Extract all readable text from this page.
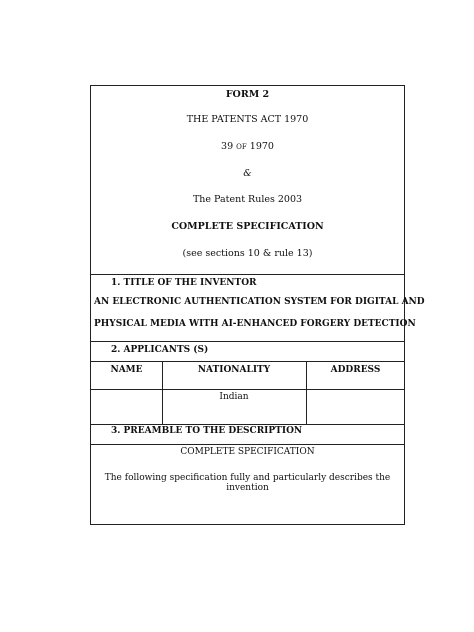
FORM 2
THE PATENTS ACT 1970
39 of 1970
&
The Patent Rules 2003
COMPLETE SPECIFICATION
(see sections 10 & rule 13)
1. TITLE OF THE INVENTOR
AN ELECTRONIC AUTHENTICATION SYSTEM FOR DIGITAL AND
PHYSICAL MEDIA WITH AI-ENHANCED FORGERY DETECTION
2. APPLICANTS (S)
NAME	NATIONALITY	ADDRESS
Indian
3. PREAMBLE TO THE DESCRIPTION
COMPLETE SPECIFICATION
The following specification fully and particularly describes the invention
